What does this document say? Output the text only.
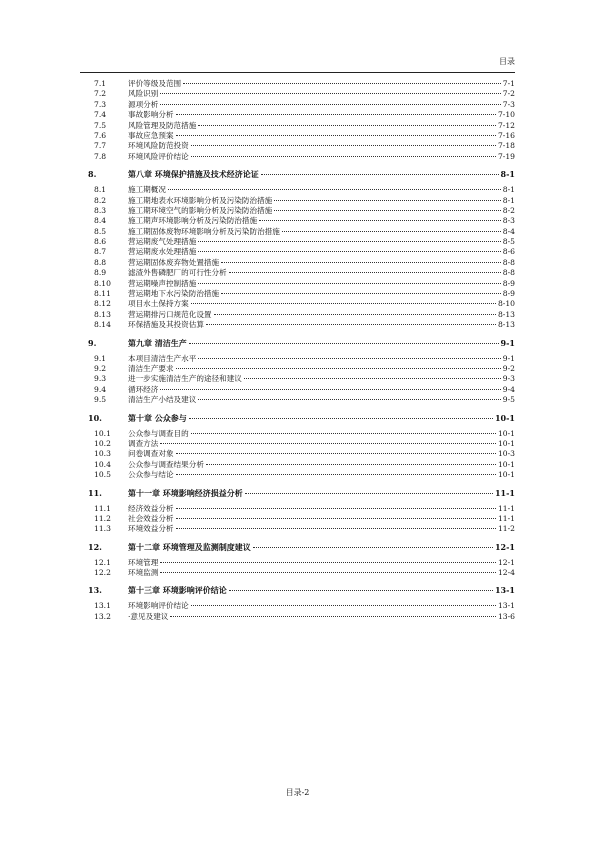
目录
7.1	评价等级及范围	7-1
7.2	风险识别	7-2
7.3	源项分析	7-3
7.4	事故影响分析	7-10
7.5	风险管理及防范措施	7-12
7.6	事故应急预案	7-16
7.7	环境风险防范投资	7-18
7.8	环境风险评价结论	7-19
8.	第八章 环境保护措施及技术经济论证	8-1
8.1	施工期概况	8-1
8.2	施工期地表水环境影响分析及污染防治措施	8-1
8.3	施工期环境空气的影响分析及污染防治措施	8-2
8.4	施工期声环境影响分析及污染防治措施	8-3
8.5	施工期固体废物环境影响分析及污染防治措施	8-4
8.6	营运期废气处理措施	8-5
8.7	营运期废水处理措施	8-6
8.8	营运期固体废弃物处置措施	8-8
8.9	滤渣外售磷肥厂的可行性分析	8-8
8.10	营运期噪声控制措施	8-9
8.11	营运期地下水污染防治措施	8-9
8.12	项目水土保持方案	8-10
8.13	营运期排污口规范化设置	8-13
8.14	环保措施及其投资估算	8-13
9.	第九章 清洁生产	9-1
9.1	本项目清洁生产水平	9-1
9.2	清洁生产要求	9-2
9.3	进一步实施清洁生产的途径和建议	9-3
9.4	循环经济	9-4
9.5	清洁生产小结及建议	9-5
10.	第十章 公众参与	10-1
10.1	公众参与调查目的	10-1
10.2	调查方法	10-1
10.3	问卷调查对象	10-3
10.4	公众参与调查结果分析	10-1
10.5	公众参与结论	10-1
11.	第十一章 环境影响经济损益分析	11-1
11.1	经济效益分析	11-1
11.2	社会效益分析	11-1
11.3	环境效益分析	11-2
12.	第十二章 环境管理及监测制度建议	12-1
12.1	环境管理	12-1
12.2	环境监测	12-4
13.	第十三章 环境影响评价结论	13-1
13.1	环境影响评价结论	13-1
13.2	·意见及建议	13-6
目录-2
